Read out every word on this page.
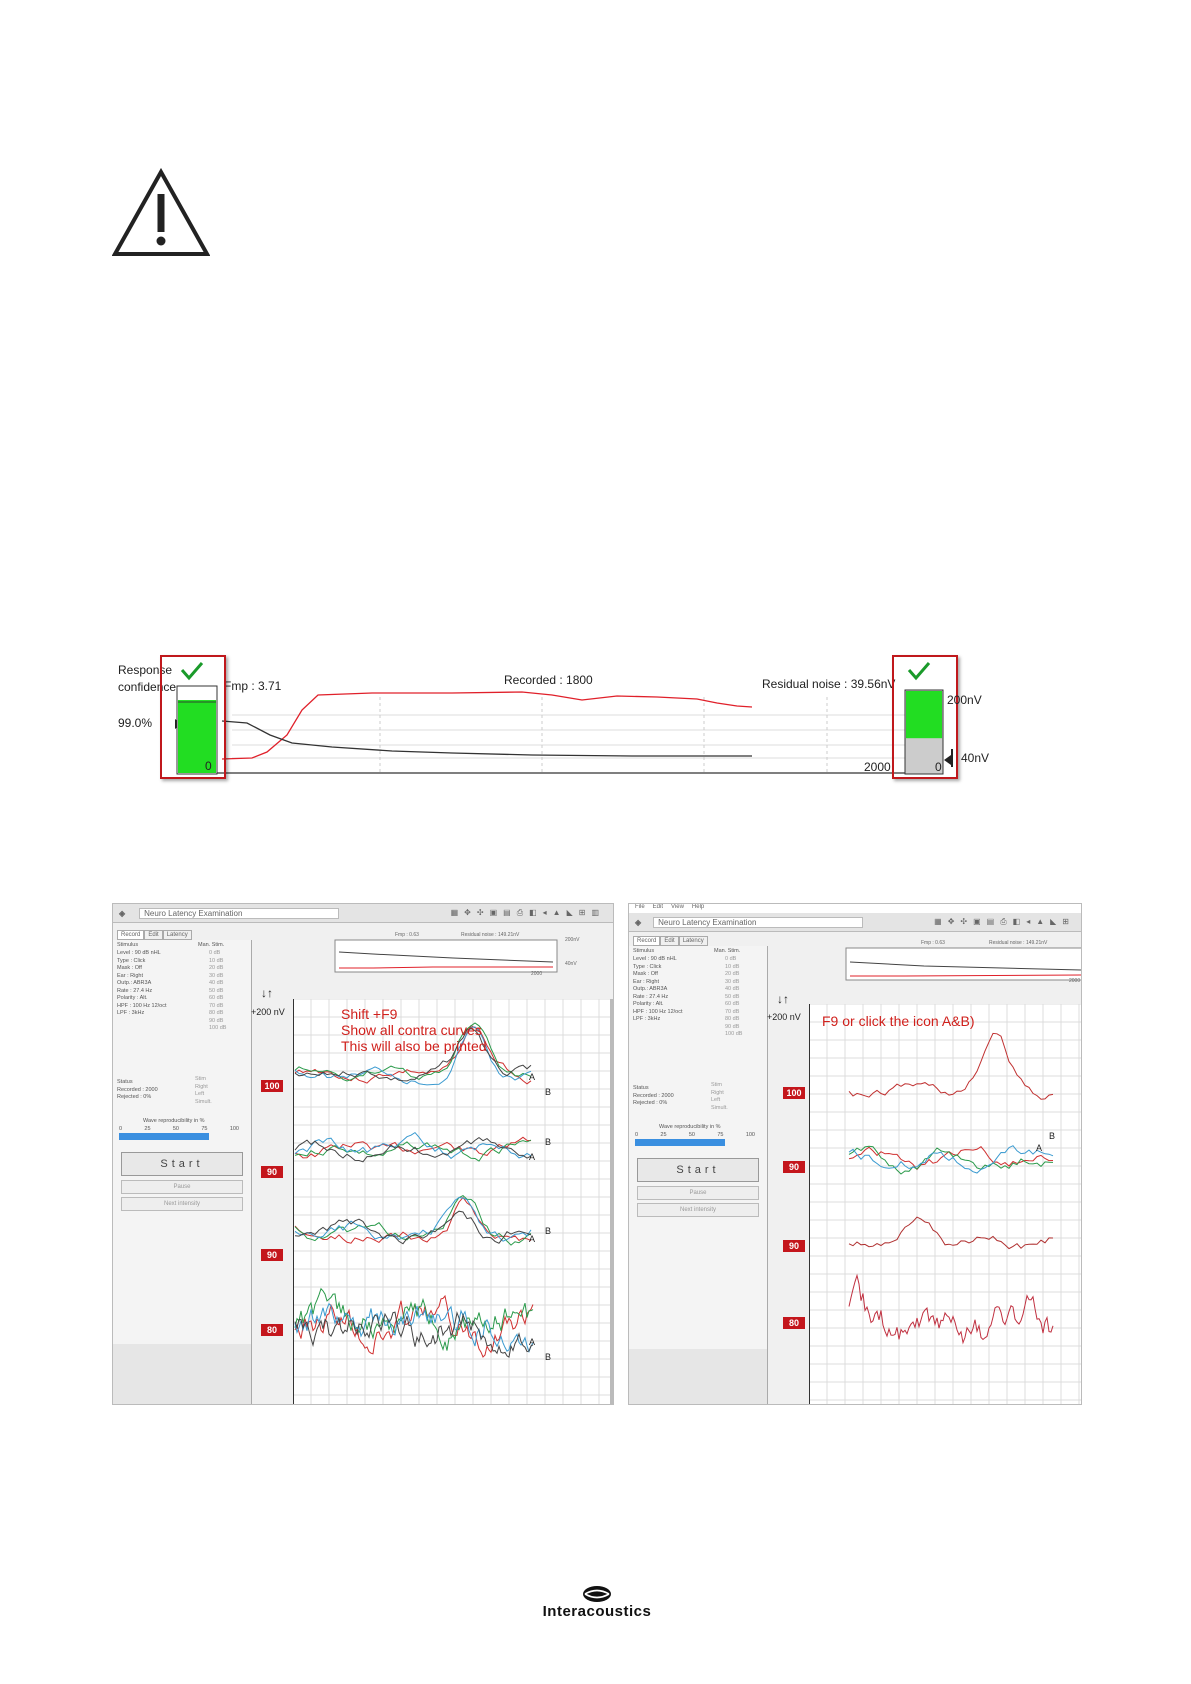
Response
confidence	Fmp : 3.71	Recorded : 1800	Residual noise : 39.56nV
99.0%
0	2000	0
200nV
40nV
◈	Neuro Latency Examination	▦✥✣▣▤⎙◧◂▲◣⊞▥
Record	Edit	Latency
Stimulus	Man. Stim.
Level : 90 dB nHL
Type : Click
Mask : Off
Ear : Right
Outp.: ABR3A
Rate : 27.4 Hz
Polarity : Alt.
HPF : 100 Hz 12/oct
LPF : 3kHz
0 dB
10 dB
20 dB
30 dB
40 dB
50 dB
60 dB
70 dB
80 dB
90 dB
100 dB
Status
Recorded : 2000
Rejected : 0%
Stim
Right
Left
Simult.
Wave reproducibility in %
0	25	50	75	100
Start
Pause
Next intensity
Fmp : 0.63	Residual noise : 149.21nV
200nV
40nV
2000
↓↑
+200 nV	Shift +F9
Show all contra curves
This will also be printed
100
90
90
80
A
B
B
A
B
A
A
B
File Edit View Help
◈	Neuro Latency Examination	▦✥✣▣▤⎙◧◂▲◣⊞
Record	Edit	Latency
Stimulus	Man. Stim.
Level : 90 dB nHL
Type : Click
Mask : Off
Ear : Right
Outp.: ABR3A
Rate : 27.4 Hz
Polarity : Alt.
HPF : 100 Hz 12/oct
LPF : 3kHz
0 dB
10 dB
20 dB
30 dB
40 dB
50 dB
60 dB
70 dB
80 dB
90 dB
100 dB
Status
Recorded : 2000
Rejected : 0%
Stim
Right
Left
Simult.
Wave reproducibility in %
0	25	50	75	100
Start
Pause
Next intensity
Fmp : 0.63	Residual noise : 149.21nV
2000
↓↑
+200 nV F9 or click the icon A&B)
100
90
90
80
B
A
Interacoustics
